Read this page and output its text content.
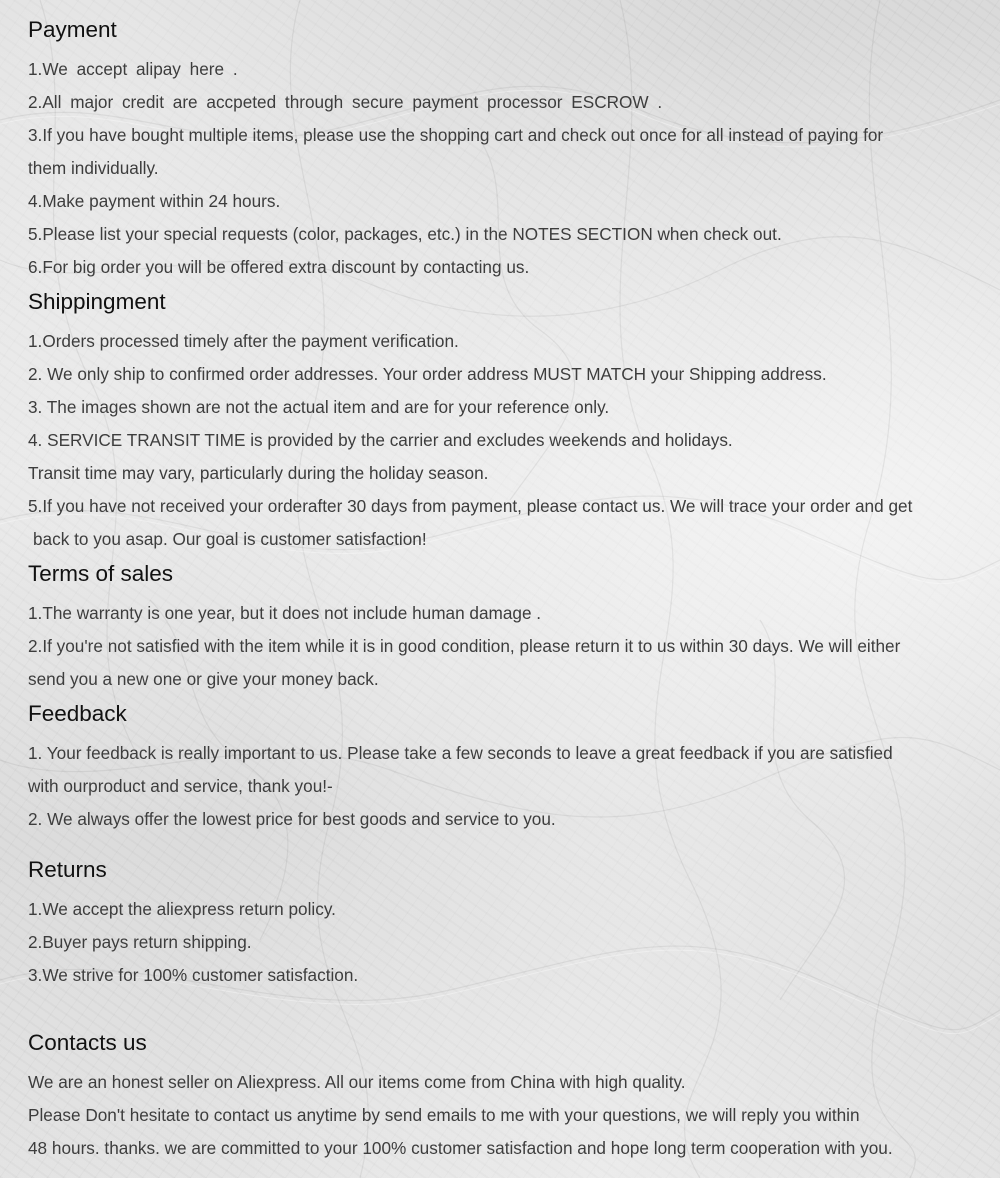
Payment
1.We accept alipay here .
2.All major credit are accpeted through secure payment processor ESCROW .
3.If you have bought multiple items, please use the shopping cart and check out once for all instead of paying for
them individually.
4.Make payment within 24 hours.
5.Please list your special requests (color, packages, etc.) in the NOTES SECTION when check out.
6.For big order you will be offered extra discount by contacting us.
Shippingment
1.Orders processed timely after the payment verification.
2. We only ship to confirmed order addresses. Your order address MUST MATCH your Shipping address.
3. The images shown are not the actual item and are for your reference only.
4. SERVICE TRANSIT TIME is provided by the carrier and excludes weekends and holidays.
Transit time may vary, particularly during the holiday season.
5.If you have not received your orderafter 30 days from payment, please contact us. We will trace your order and get
back to you asap. Our goal is customer satisfaction!
Terms of sales
1.The warranty is one year, but it does not include human damage .
2.If you're not satisfied with the item while it is in good condition, please return it to us within 30 days. We will either
send you a new one or give your money back.
Feedback
1. Your feedback is really important to us. Please take a few seconds to leave a great feedback if you are satisfied
with ourproduct and service, thank you!-
2. We always offer the lowest price for best goods and service to you.
Returns
1.We accept the aliexpress return policy.
2.Buyer pays return shipping.
3.We strive for 100% customer satisfaction.
Contacts us
We are an honest seller on Aliexpress. All our items come from China with high quality.
Please Don't hesitate to contact us anytime by send emails to me with your questions, we will reply you within
48 hours. thanks. we are committed to your 100% customer satisfaction and hope long term cooperation with you.
